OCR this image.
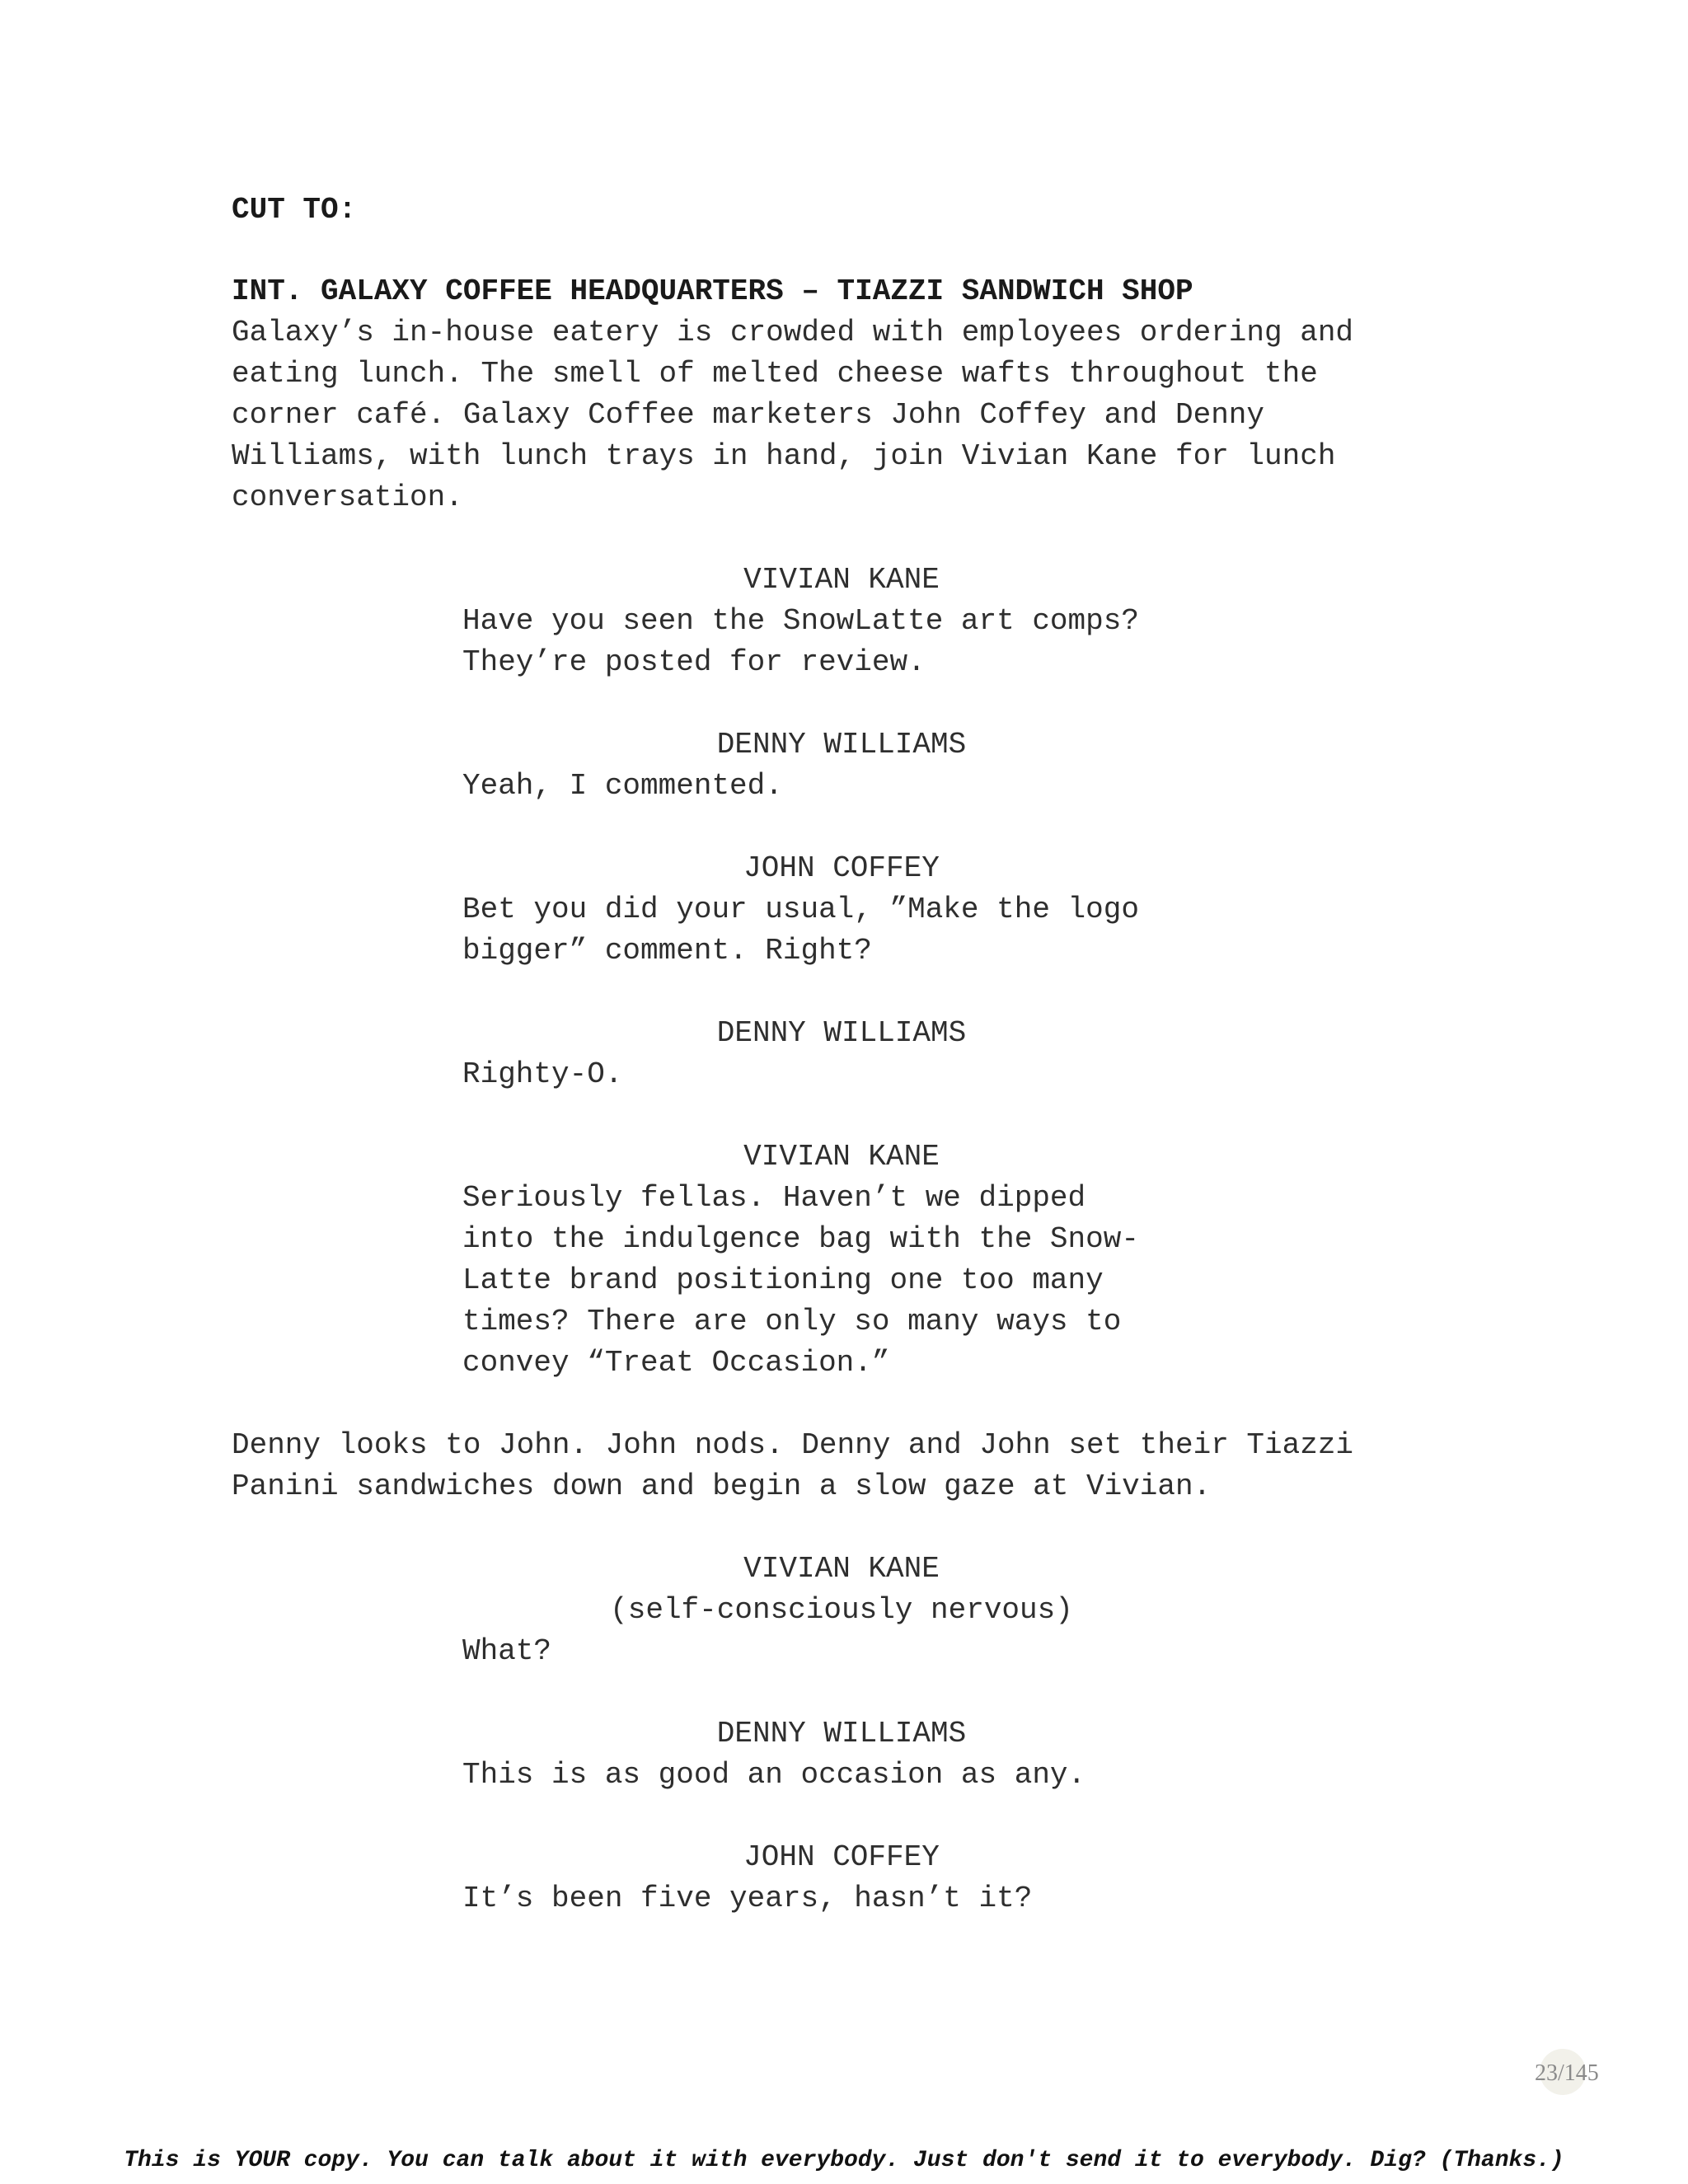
CUT TO:
INT. GALAXY COFFEE HEADQUARTERS – TIAZZI SANDWICH SHOP
Galaxy’s in-house eatery is crowded with employees ordering and
eating lunch. The smell of melted cheese wafts throughout the
corner café. Galaxy Coffee marketers John Coffey and Denny
Williams, with lunch trays in hand, join Vivian Kane for lunch
conversation.
VIVIAN KANE
Have you seen the SnowLatte art comps?
They’re posted for review.
DENNY WILLIAMS
Yeah, I commented.
JOHN COFFEY
Bet you did your usual, ”Make the logo
bigger” comment. Right?
DENNY WILLIAMS
Righty-O.
VIVIAN KANE
Seriously fellas. Haven’t we dipped
into the indulgence bag with the Snow-
Latte brand positioning one too many
times? There are only so many ways to
convey “Treat Occasion.”
Denny looks to John. John nods. Denny and John set their Tiazzi
Panini sandwiches down and begin a slow gaze at Vivian.
VIVIAN KANE
(self-consciously nervous)
What?
DENNY WILLIAMS
This is as good an occasion as any.
JOHN COFFEY
It’s been five years, hasn’t it?
23/145
This is YOUR copy. You can talk about it with everybody. Just don't send it to everybody. Dig? (Thanks.)
